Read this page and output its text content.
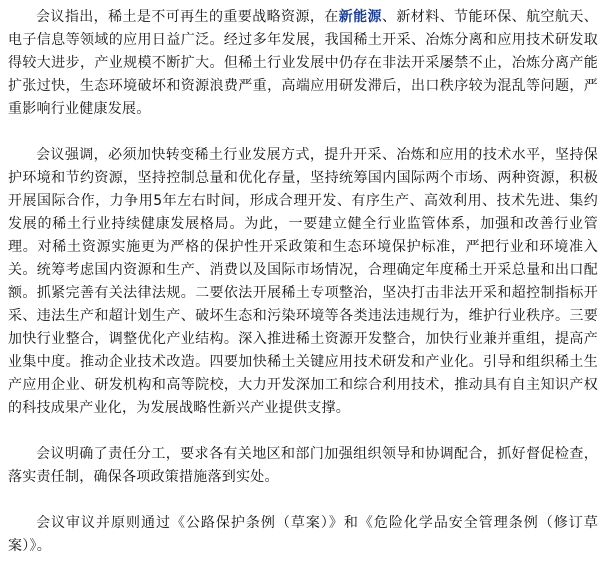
会议指出，稀土是不可再生的重要战略资源，在新能源、新材料、节能环保、航空航天、电子信息等领域的应用日益广泛。经过多年发展，我国稀土开采、冶炼分离和应用技术研发取得较大进步，产业规模不断扩大。但稀土行业发展中仍存在非法开采屡禁不止，冶炼分离产能扩张过快，生态环境破坏和资源浪费严重，高端应用研发滞后，出口秩序较为混乱等问题，严重影响行业健康发展。

会议强调，必须加快转变稀土行业发展方式，提升开采、冶炼和应用的技术水平，坚持保护环境和节约资源，坚持控制总量和优化存量，坚持统筹国内国际两个市场、两种资源，积极开展国际合作，力争用5年左右时间，形成合理开发、有序生产、高效利用、技术先进、集约发展的稀土行业持续健康发展格局。为此，一要建立健全行业监管体系，加强和改善行业管理。对稀土资源实施更为严格的保护性开采政策和生态环境保护标准，严把行业和环境准入关。统筹考虑国内资源和生产、消费以及国际市场情况，合理确定年度稀土开采总量和出口配额。抓紧完善有关法律法规。二要依法开展稀土专项整治，坚决打击非法开采和超控制指标开采、违法生产和超计划生产、破坏生态和污染环境等各类违法违规行为，维护行业秩序。三要加快行业整合，调整优化产业结构。深入推进稀土资源开发整合，加快行业兼并重组，提高产业集中度。推动企业技术改造。四要加快稀土关键应用技术研发和产业化。引导和组织稀土生产应用企业、研发机构和高等院校，大力开发深加工和综合利用技术，推动具有自主知识产权的科技成果产业化，为发展战略性新兴产业提供支撑。

会议明确了责任分工，要求各有关地区和部门加强组织领导和协调配合，抓好督促检查，落实责任制，确保各项政策措施落到实处。

会议审议并原则通过《公路保护条例（草案）》和《危险化学品安全管理条例（修订草案）》。
